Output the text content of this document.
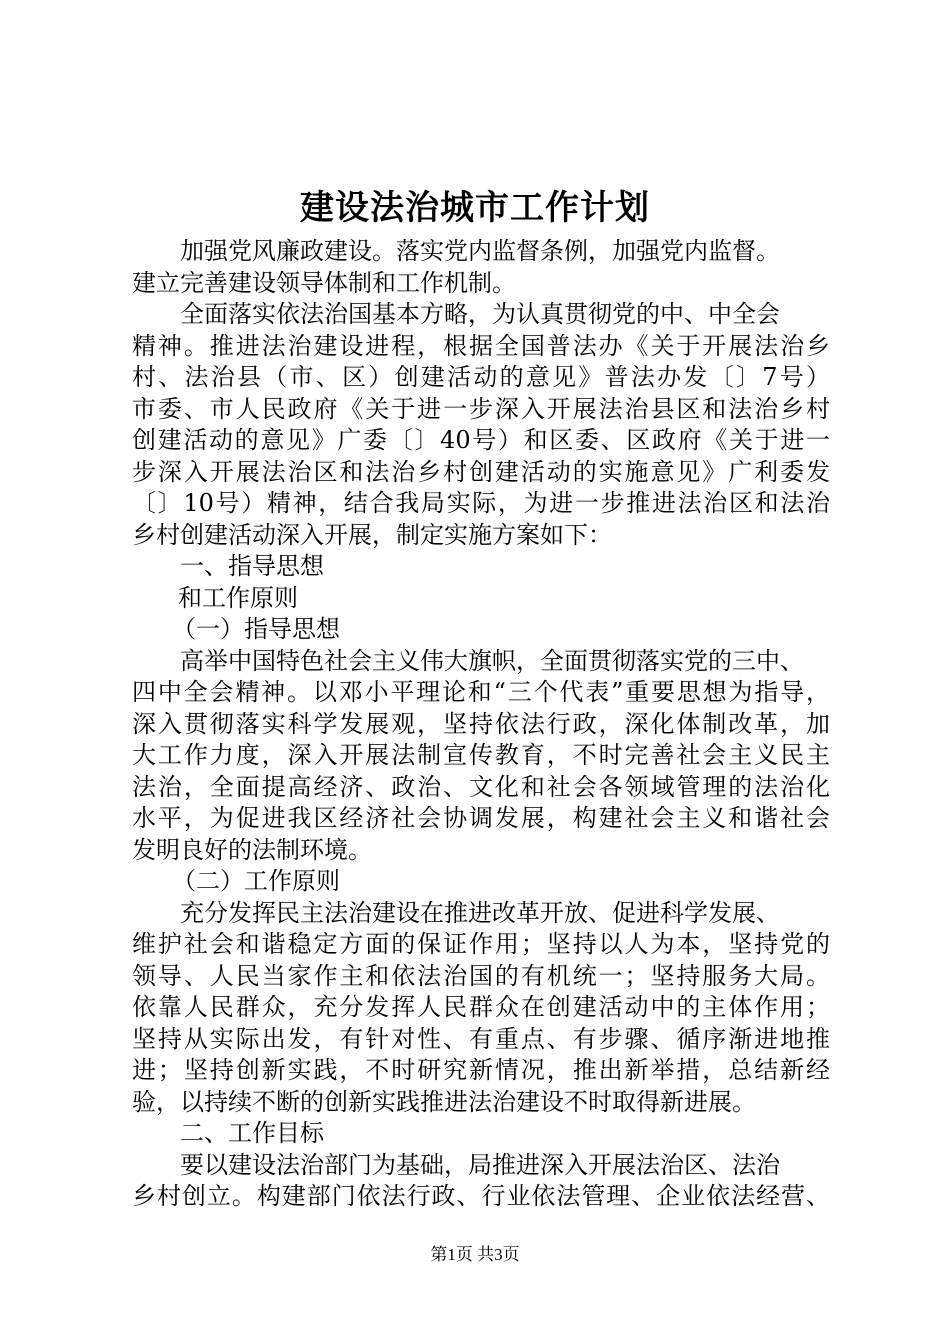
建设法治城市工作计划
加强党风廉政建设。落实党内监督条例，加强党内监督。
建立完善建设领导体制和工作机制。
全面落实依法治国基本方略，为认真贯彻党的中、中全会
精神。推进法治建设进程，根据全国普法办《关于开展法治乡
村、法治县（市、区）创建活动的意见》普法办发〔〕7号）
市委、市人民政府《关于进一步深入开展法治县区和法治乡村
创建活动的意见》广委〔〕40号）和区委、区政府《关于进一
步深入开展法治区和法治乡村创建活动的实施意见》广利委发
〔〕10号）精神，结合我局实际，为进一步推进法治区和法治
乡村创建活动深入开展，制定实施方案如下：
一、指导思想
和工作原则
（一）指导思想
高举中国特色社会主义伟大旗帜，全面贯彻落实党的三中、
四中全会精神。以邓小平理论和“三个代表”重要思想为指导，
深入贯彻落实科学发展观，坚持依法行政，深化体制改革，加
大工作力度，深入开展法制宣传教育，不时完善社会主义民主
法治，全面提高经济、政治、文化和社会各领域管理的法治化
水平，为促进我区经济社会协调发展，构建社会主义和谐社会
发明良好的法制环境。
（二）工作原则
充分发挥民主法治建设在推进改革开放、促进科学发展、
维护社会和谐稳定方面的保证作用；坚持以人为本，坚持党的
领导、人民当家作主和依法治国的有机统一；坚持服务大局。
依靠人民群众，充分发挥人民群众在创建活动中的主体作用；
坚持从实际出发，有针对性、有重点、有步骤、循序渐进地推
进；坚持创新实践，不时研究新情况，推出新举措，总结新经
验，以持续不断的创新实践推进法治建设不时取得新进展。
二、工作目标
要以建设法治部门为基础，局推进深入开展法治区、法治
乡村创立。构建部门依法行政、行业依法管理、企业依法经营、
第1页 共3页
